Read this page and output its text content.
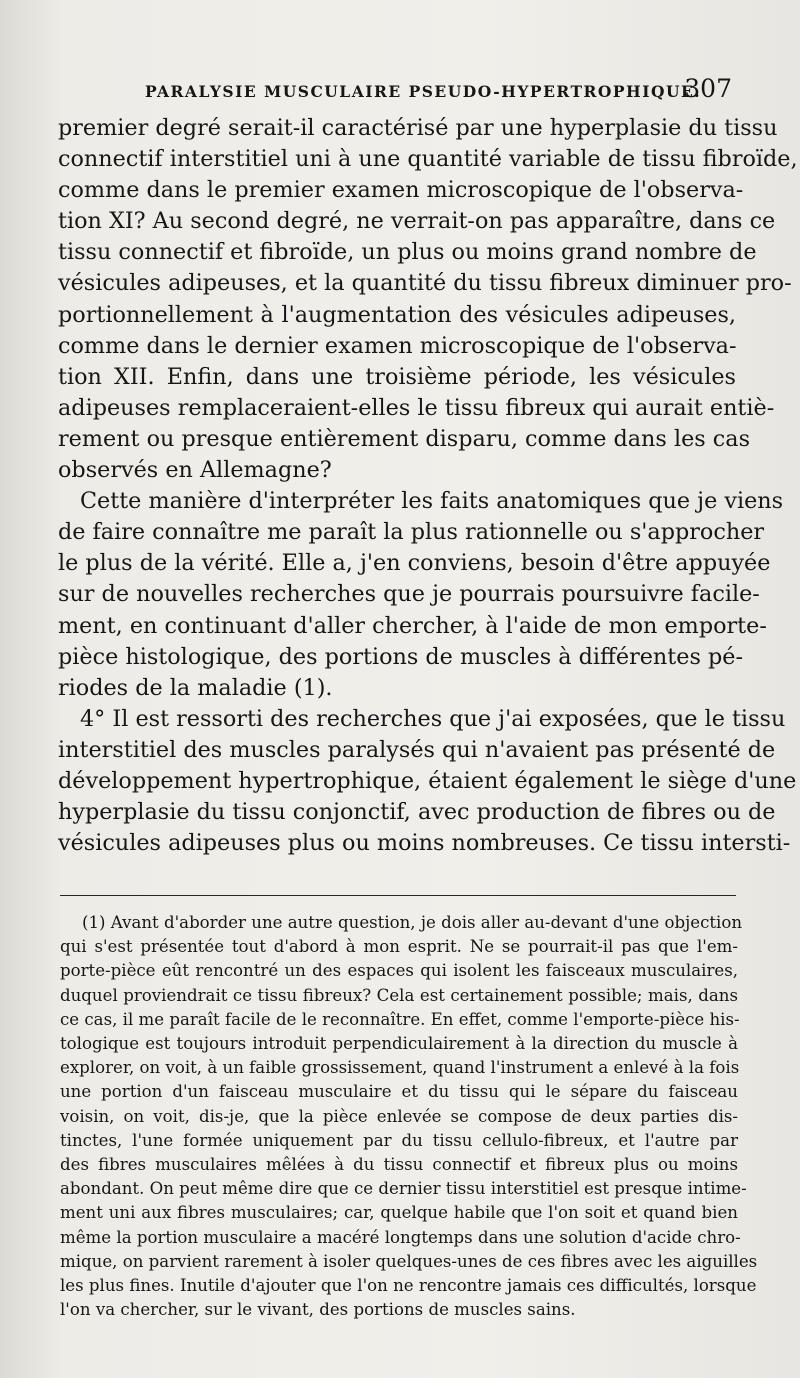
PARALYSIE MUSCULAIRE PSEUDO-HYPERTROPHIQUE.
307

premier degré serait-il caractérisé par une hyperplasie du tissu
connectif interstitiel uni à une quantité variable de tissu fibroïde,
comme dans le premier examen microscopique de l'observa-
tion XI? Au second degré, ne verrait-on pas apparaître, dans ce
tissu connectif et fibroïde, un plus ou moins grand nombre de
vésicules adipeuses, et la quantité du tissu fibreux diminuer pro-
portionnellement à l'augmentation des vésicules adipeuses,
comme dans le dernier examen microscopique de l'observa-
tion XII. Enfin, dans une troisième période, les vésicules
adipeuses remplaceraient-elles le tissu fibreux qui aurait entiè-
rement ou presque entièrement disparu, comme dans les cas
observés en Allemagne?

Cette manière d'interpréter les faits anatomiques que je viens
de faire connaître me paraît la plus rationnelle ou s'approcher
le plus de la vérité. Elle a, j'en conviens, besoin d'être appuyée
sur de nouvelles recherches que je pourrais poursuivre facile-
ment, en continuant d'aller chercher, à l'aide de mon emporte-
pièce histologique, des portions de muscles à différentes pé-
riodes de la maladie (1).

4° Il est ressorti des recherches que j'ai exposées, que le tissu
interstitiel des muscles paralysés qui n'avaient pas présenté de
développement hypertrophique, étaient également le siège d'une
hyperplasie du tissu conjonctif, avec production de fibres ou de
vésicules adipeuses plus ou moins nombreuses. Ce tissu intersti-

(1) Avant d'aborder une autre question, je dois aller au-devant d'une objection
qui s'est présentée tout d'abord à mon esprit. Ne se pourrait-il pas que l'em-
porte-pièce eût rencontré un des espaces qui isolent les faisceaux musculaires,
duquel proviendrait ce tissu fibreux? Cela est certainement possible; mais, dans
ce cas, il me paraît facile de le reconnaître. En effet, comme l'emporte-pièce his-
tologique est toujours introduit perpendiculairement à la direction du muscle à
explorer, on voit, à un faible grossissement, quand l'instrument a enlevé à la fois
une portion d'un faisceau musculaire et du tissu qui le sépare du faisceau
voisin, on voit, dis-je, que la pièce enlevée se compose de deux parties dis-
tinctes, l'une formée uniquement par du tissu cellulo-fibreux, et l'autre par
des fibres musculaires mêlées à du tissu connectif et fibreux plus ou moins
abondant. On peut même dire que ce dernier tissu interstitiel est presque intime-
ment uni aux fibres musculaires; car, quelque habile que l'on soit et quand bien
même la portion musculaire a macéré longtemps dans une solution d'acide chro-
mique, on parvient rarement à isoler quelques-unes de ces fibres avec les aiguilles
les plus fines. Inutile d'ajouter que l'on ne rencontre jamais ces difficultés, lorsque
l'on va chercher, sur le vivant, des portions de muscles sains.
